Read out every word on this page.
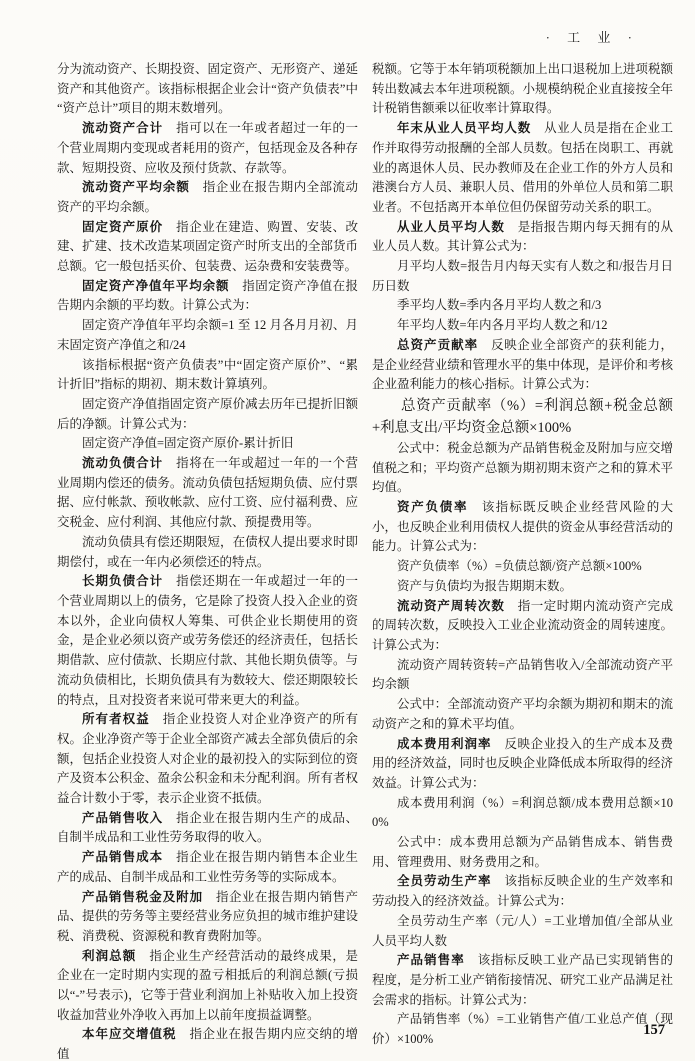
· 工 业 ·

分为流动资产、长期投资、固定资产、无形资产、递延资产和其他资产。该指标根据企业会计“资产负债表”中“资产总计”项目的期末数增列。

流动资产合计　指可以在一年或者超过一年的一个营业周期内变现或者耗用的资产，包括现金及各种存款、短期投资、应收及预付货款、存款等。

流动资产平均余额　指企业在报告期内全部流动资产的平均余额。

固定资产原价　指企业在建造、购置、安装、改建、扩建、技术改造某项固定资产时所支出的全部货币总额。它一般包括买价、包装费、运杂费和安装费等。

固定资产净值年平均余额　指固定资产净值在报告期内余额的平均数。计算公式为：

固定资产净值年平均余额=1 至 12 月各月月初、月末固定资产净值之和/24

该指标根据“资产负债表”中“固定资产原价”、“累计折旧”指标的期初、期末数计算填列。

固定资产净值指固定资产原价减去历年已提折旧额后的净额。计算公式为：

固定资产净值=固定资产原价-累计折旧

流动负债合计　指将在一年或超过一年的一个营业周期内偿还的债务。流动负债包括短期负债、应付票据、应付帐款、预收帐款、应付工资、应付福利费、应交税金、应付利润、其他应付款、预提费用等。

流动负债具有偿还期限短，在债权人提出要求时即期偿付，或在一年内必须偿还的特点。

长期负债合计　指偿还期在一年或超过一年的一个营业周期以上的债务，它是除了投资人投入企业的资本以外，企业向债权人筹集、可供企业长期使用的资金，是企业必须以资产或劳务偿还的经济责任，包括长期借款、应付债款、长期应付款、其他长期负债等。与流动负债相比，长期负债具有为数较大、偿还期限较长的特点，且对投资者来说可带来更大的利益。

所有者权益　指企业投资人对企业净资产的所有权。企业净资产等于企业全部资产减去全部负债后的余额，包括企业投资人对企业的最初投入的实际到位的资产及资本公积金、盈余公积金和未分配利润。所有者权益合计数小于零，表示企业资不抵债。

产品销售收入　指企业在报告期内生产的成品、自制半成品和工业性劳务取得的收入。

产品销售成本　指企业在报告期内销售本企业生产的成品、自制半成品和工业性劳务等的实际成本。

产品销售税金及附加　指企业在报告期内销售产品、提供的劳务等主要经营业务应负担的城市维护建设税、消费税、资源税和教育费附加等。

利润总额　指企业生产经营活动的最终成果，是企业在一定时期内实现的盈亏相抵后的利润总额(亏损以“-”号表示)，它等于营业利润加上补贴收入加上投资收益加营业外净收入再加上以前年度损益调整。

本年应交增值税　指企业在报告期内应交纳的增值

税额。它等于本年销项税额加上出口退税加上进项税额转出数减去本年进项税额。小规模纳税企业直接按全年计税销售额乘以征收率计算取得。

年末从业人员平均人数　从业人员是指在企业工作并取得劳动报酬的全部人员数。包括在岗职工、再就业的离退休人员、民办教师及在企业工作的外方人员和港澳台方人员、兼职人员、借用的外单位人员和第二职业者。不包括离开本单位但仍保留劳动关系的职工。

从业人员平均人数　是指报告期内每天拥有的从业人员人数。其计算公式为：

月平均人数=报告月内每天实有人数之和/报告月日历日数

季平均人数=季内各月平均人数之和/3

年平均人数=年内各月平均人数之和/12

总资产贡献率　反映企业全部资产的获利能力，是企业经营业绩和管理水平的集中体现，是评价和考核企业盈利能力的核心指标。计算公式为：

总资产贡献率（%）=利润总额+税金总额+利息支出/平均资金总额×100%

公式中：税金总额为产品销售税金及附加与应交增值税之和；平均资产总额为期初期末资产之和的算术平均值。

资产负债率　该指标既反映企业经营风险的大小，也反映企业利用债权人提供的资金从事经营活动的能力。计算公式为：

资产负债率（%）=负债总额/资产总额×100%

资产与负债均为报告期期末数。

流动资产周转次数　指一定时期内流动资产完成的周转次数，反映投入工业企业流动资金的周转速度。计算公式为：

流动资产周转资转=产品销售收入/全部流动资产平均余额

公式中：全部流动资产平均余额为期初和期末的流动资产之和的算术平均值。

成本费用利润率　反映企业投入的生产成本及费用的经济效益，同时也反映企业降低成本所取得的经济效益。计算公式为：

成本费用利润（%）=利润总额/成本费用总额×100%

公式中：成本费用总额为产品销售成本、销售费用、管理费用、财务费用之和。

全员劳动生产率　该指标反映企业的生产效率和劳动投入的经济效益。计算公式为：

全员劳动生产率（元/人）=工业增加值/全部从业人员平均人数

产品销售率　该指标反映工业产品已实现销售的程度，是分析工业产销衔接情况、研究工业产品满足社会需求的指标。计算公式为：

产品销售率（%）=工业销售产值/工业总产值（现价）×100%

157
